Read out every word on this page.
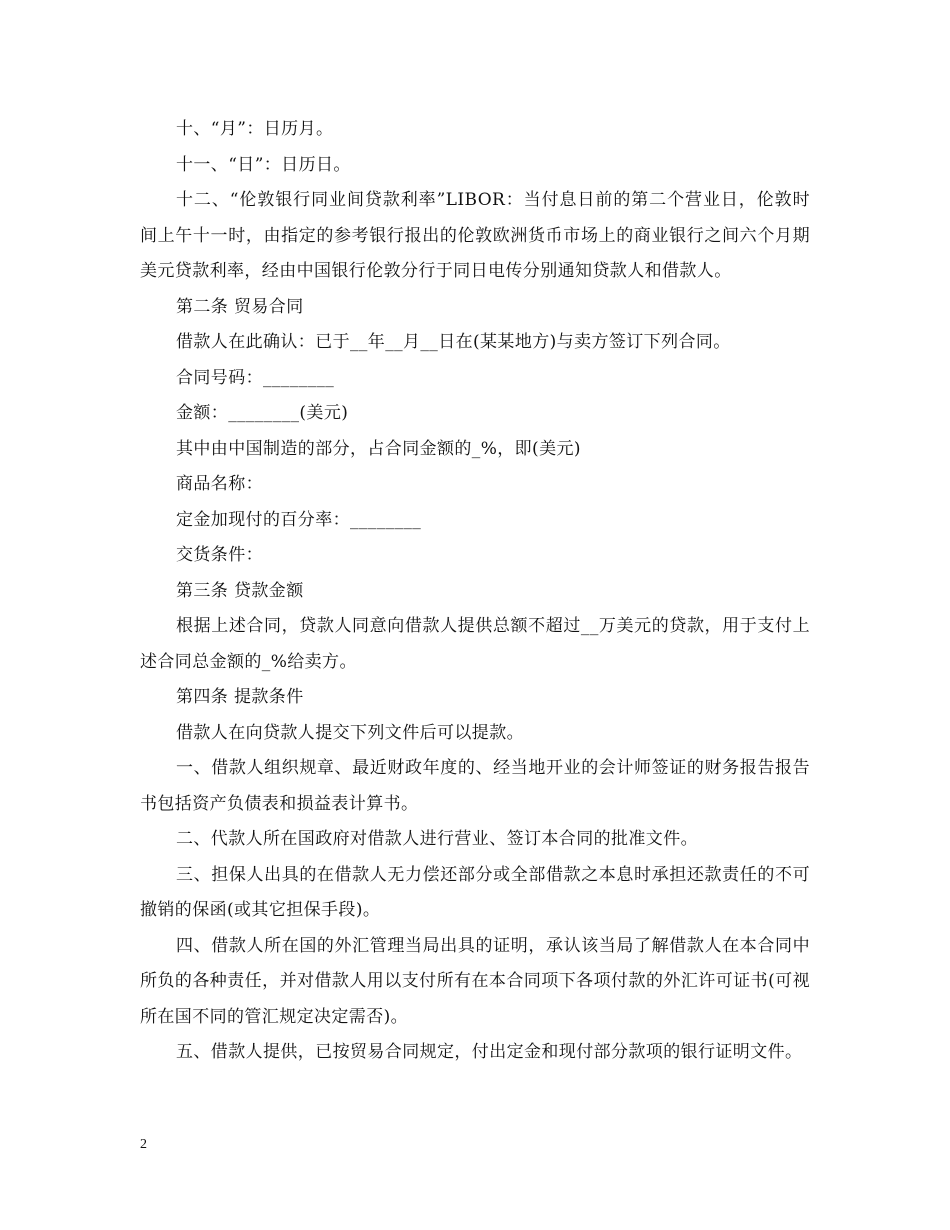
十、“月”：日历月。

十一、“日”：日历日。

十二、“伦敦银行同业间贷款利率”LIBOR：当付息日前的第二个营业日，伦敦时间上午十一时，由指定的参考银行报出的伦敦欧洲货币市场上的商业银行之间六个月期美元贷款利率，经由中国银行伦敦分行于同日电传分别通知贷款人和借款人。

第二条 贸易合同

借款人在此确认：已于__年__月__日在(某某地方)与卖方签订下列合同。

合同号码：________

金额：________(美元)

其中由中国制造的部分，占合同金额的_%，即(美元)

商品名称：

定金加现付的百分率：________

交货条件：

第三条 贷款金额

根据上述合同，贷款人同意向借款人提供总额不超过__万美元的贷款，用于支付上述合同总金额的_%给卖方。

第四条 提款条件

借款人在向贷款人提交下列文件后可以提款。

一、借款人组织规章、最近财政年度的、经当地开业的会计师签证的财务报告报告书包括资产负债表和损益表计算书。

二、代款人所在国政府对借款人进行营业、签订本合同的批准文件。

三、担保人出具的在借款人无力偿还部分或全部借款之本息时承担还款责任的不可撤销的保函(或其它担保手段)。

四、借款人所在国的外汇管理当局出具的证明，承认该当局了解借款人在本合同中所负的各种责任，并对借款人用以支付所有在本合同项下各项付款的外汇许可证书(可视所在国不同的管汇规定决定需否)。

五、借款人提供，已按贸易合同规定，付出定金和现付部分款项的银行证明文件。

2
